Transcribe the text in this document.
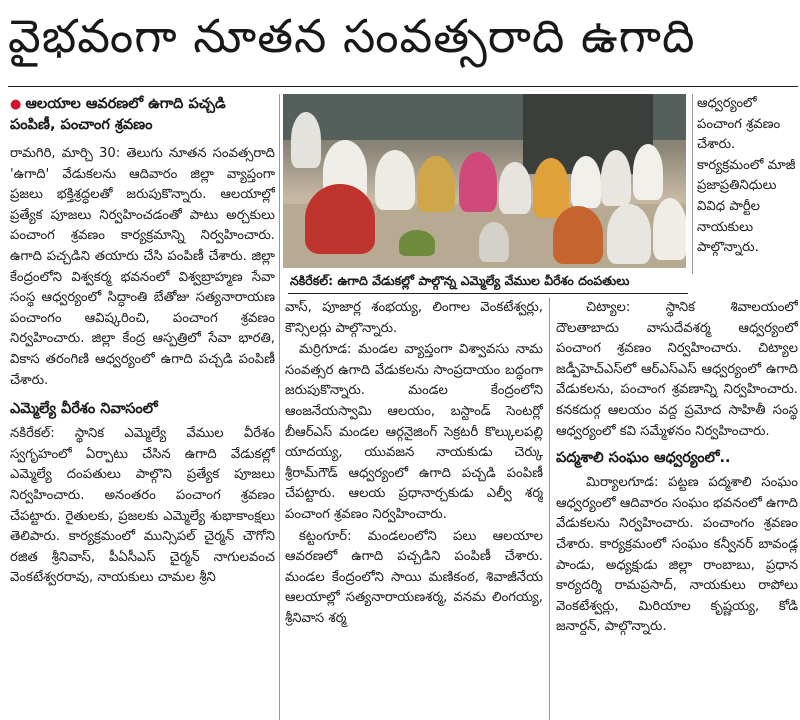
వైభవంగా నూతన సంవత్సరాది ఉగాది
● ఆలయాల ఆవరణలో ఉగాది పచ్చడి
పంపిణీ, పంచాంగ శ్రవణం

రామగిరి, మార్చి 30: తెలుగు నూతన సంవత్సరాది 'ఉగాది' వేడుకలను ఆదివారం జిల్లా వ్యాప్తంగా ప్రజలు భక్తిశ్రద్ధలతో జరుపుకొన్నారు. ఆలయాల్లో ప్రత్యేక పూజలు నిర్వహించడంతో పాటు అర్చకులు పంచాంగ శ్రవణం కార్యక్రమాన్ని నిర్వహించారు. ఉగాది పచ్చడిని తయారు చేసి పంపిణీ చేశారు. జిల్లా కేంద్రంలోని విశ్వకర్మ భవనంలో విశ్వబ్రాహ్మణ సేవా సంస్థ ఆధ్వర్యంలో సిద్ధాంతి బేతోజు సత్యనారాయణ పంచాంగం ఆవిష్కరించి, పంచాంగ శ్రవణం నిర్వహించారు. జిల్లా కేంద్ర ఆస్పత్రిలో సేవా భారతి, వికాస తరంగిణి ఆధ్వర్యంలో ఉగాది పచ్చడి పంపిణీ చేశారు.

ఎమ్మెల్యే వీరేశం నివాసంలో

నకిరేకల్: స్థానిక ఎమ్మెల్యే వేముల వీరేశం స్వగృహంలో ఏర్పాటు చేసిన ఉగాది వేడుకల్లో ఎమ్మెల్యే దంపతులు పాల్గొని ప్రత్యేక పూజలు నిర్వహించారు. అనంతరం పంచాంగ శ్రవణం చేపట్టారు. రైతులకు, ప్రజలకు ఎమ్మెల్యే శుభాకాంక్షలు తెలిపారు. కార్యక్రమంలో మున్సిపల్ చైర్మన్ చౌగోని రజిత శ్రీనివాస్, పీఏసీఎస్ చైర్మన్ నాగులవంచ వెంకటేశ్వరరావు, నాయకులు చామల శ్రీని

నకిరేకల్: ఉగాది వేడుకల్లో పాల్గొన్న ఎమ్మెల్యే వేముల వీరేశం దంపతులు

ఆధ్వర్యంలో పంచాంగ శ్రవణం చేశారు. కార్యక్రమంలో మాజీ ప్రజాప్రతినిధులు వివిధ పార్టీల నాయకులు పాల్గొన్నారు.

వాస్, పూజార్ల శంభయ్య, లింగాల వెంకటేశ్వర్లు, కౌన్సిలర్లు పాల్గొన్నారు.

మర్రిగూడ: మండల వ్యాప్తంగా విశ్వావసు నామ సంవత్సర ఉగాది వేడుకలను సాంప్రదాయం బద్ధంగా జరుపుకొన్నారు. మండల కేంద్రంలోని ఆంజనేయస్వామి ఆలయం, బస్టాండ్ సెంటర్లో బీఆర్ఎస్ మండల ఆర్గనైజింగ్ సెక్రటరీ కొల్కులపల్లి యాదయ్య, యువజన నాయకుడు చెర్కు శ్రీరామ్‌గౌడ్ ఆధ్వర్యంలో ఉగాది పచ్చడి పంపిణీ చేపట్టారు. ఆలయ ప్రధానార్చకుడు ఎల్వీ శర్మ పంచాంగ శ్రవణం నిర్వహించారు.

కట్టంగూర్: మండలంలోని పలు ఆలయాల ఆవరణలో ఉగాది పచ్చడిని పంపిణీ చేశారు. మండల కేంద్రంలోని సాయి మణికంఠ, శివాజీనేయ ఆలయాల్లో సత్యనారాయణశర్మ, వనమ లింగయ్య, శ్రీనివాస శర్మ

చిట్యాల: స్థానిక శివాలయంలో దౌలతాబాదు వాసుదేవశర్మ ఆధ్వర్యంలో పంచాంగ శ్రవణం నిర్వహించారు. చిట్యాల జడ్పీహెచ్ఎస్‌లో ఆర్ఎస్ఎస్ ఆధ్వర్యంలో ఉగాది వేడుకలను, పంచాంగ శ్రవణాన్ని నిర్వహించారు. కనకదుర్గ ఆలయం వద్ద ప్రమోద సాహితీ సంస్థ ఆధ్వర్యంలో కవి సమ్మేళనం నిర్వహించారు.

పద్మశాలి సంఘం ఆధ్వర్యంలో..

మిర్యాలగూడ: పట్టణ పద్మశాలి సంఘం ఆధ్వర్యంలో ఆదివారం సంఘం భవనంలో ఉగాది వేడుకలను నిర్వహించారు. పంచాంగం శ్రవణం చేశారు. కార్యక్రమంలో సంఘం కన్వీనర్ బావండ్ల పాండు, అధ్యక్షుడు జిల్లా రాంబాబు, ప్రధాన కార్యదర్శి రామప్రసాద్, నాయకులు రాపోలు వెంకటేశ్వర్లు, మిరియాల కృష్ణయ్య, కోడి జనార్దన్, పాల్గొన్నారు.
